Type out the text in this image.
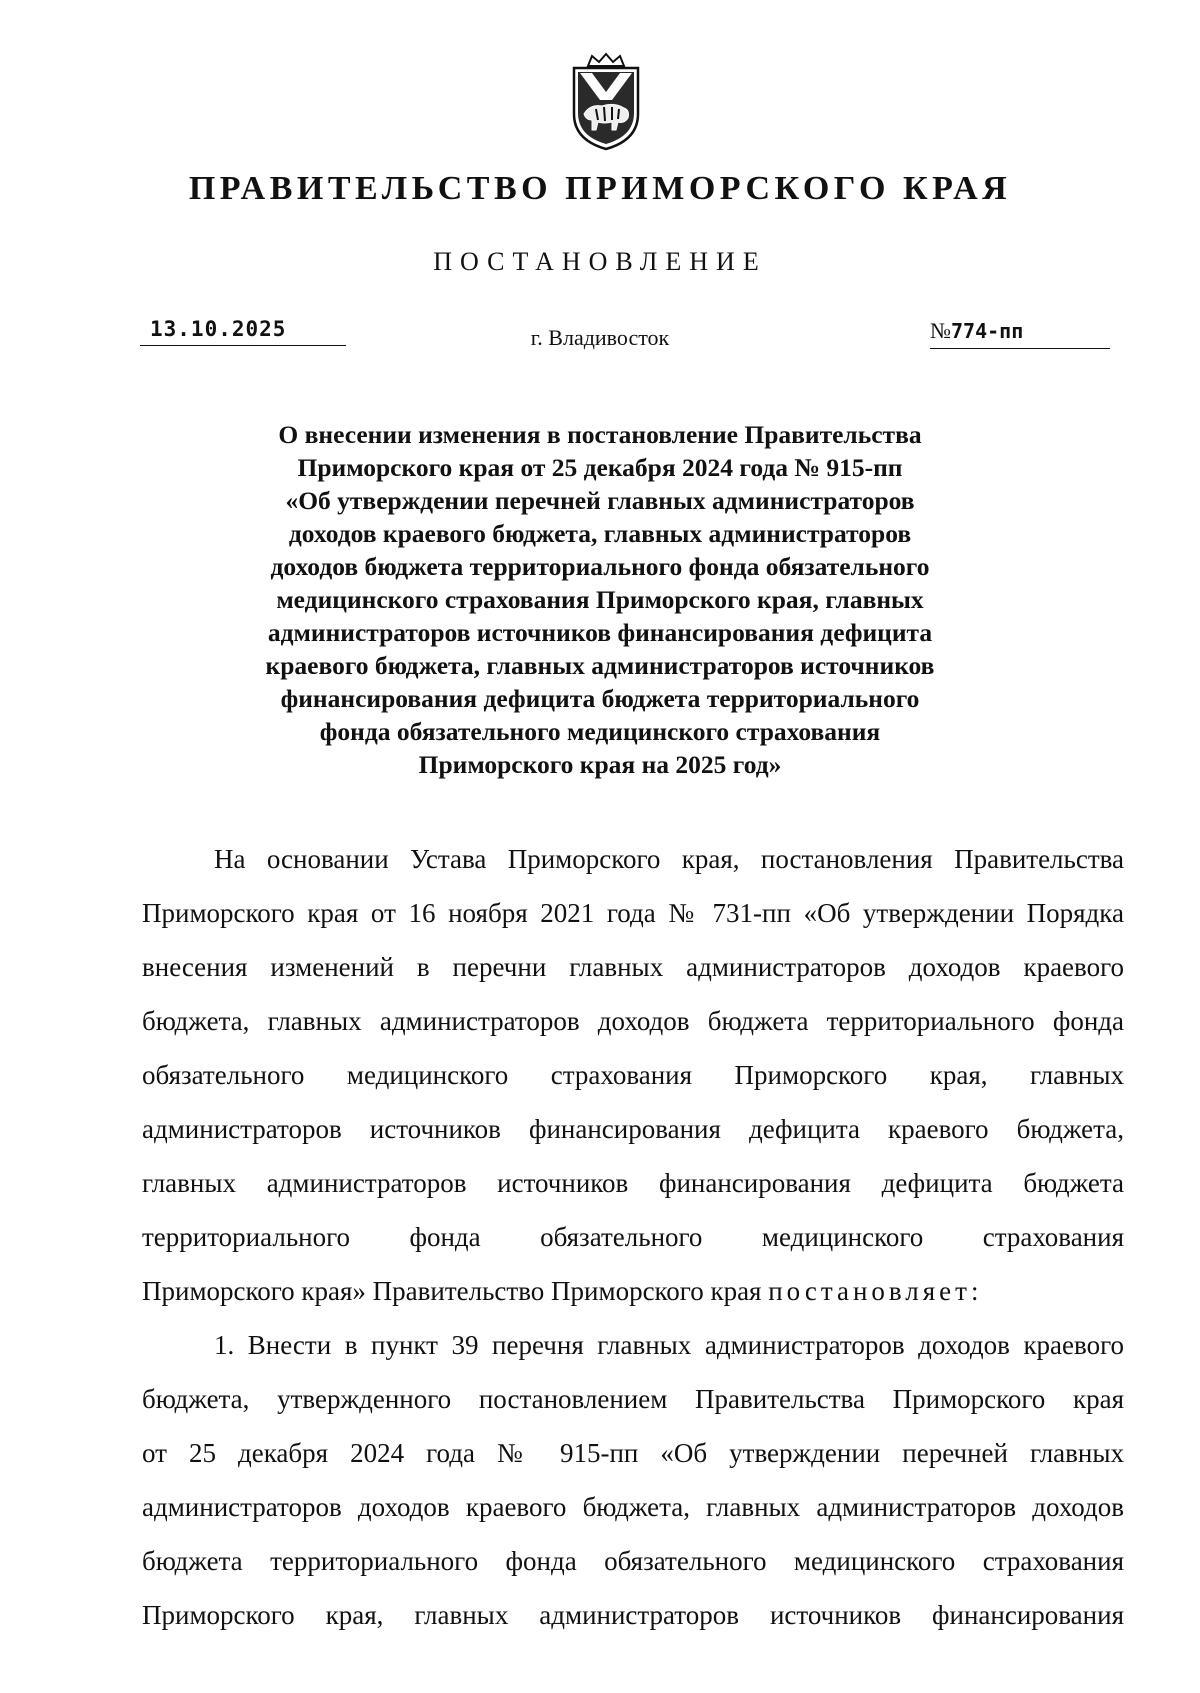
ПРАВИТЕЛЬСТВО ПРИМОРСКОГО КРАЯ
ПОСТАНОВЛЕНИЕ
13.10.2025	г. Владивосток	№774-пп
О внесении изменения в постановление Правительства
Приморского края от 25 декабря 2024 года № 915-пп
«Об утверждении перечней главных администраторов
доходов краевого бюджета, главных администраторов
доходов бюджета территориального фонда обязательного
медицинского страхования Приморского края, главных
администраторов источников финансирования дефицита
краевого бюджета, главных администраторов источников
финансирования дефицита бюджета территориального
фонда обязательного медицинского страхования
Приморского края на 2025 год»
На основании Устава Приморского края, постановления Правительства
Приморского края от 16 ноября 2021 года № 731-пп «Об утверждении Порядка
внесения изменений в перечни главных администраторов доходов краевого
бюджета, главных администраторов доходов бюджета территориального фонда
обязательного медицинского страхования Приморского края, главных
администраторов источников финансирования дефицита краевого бюджета,
главных администраторов источников финансирования дефицита бюджета
территориального фонда обязательного медицинского страхования
Приморского края» Правительство Приморского края постановляет:
1. Внести в пункт 39 перечня главных администраторов доходов краевого
бюджета, утвержденного постановлением Правительства Приморского края
от 25 декабря 2024 года № 915-пп «Об утверждении перечней главных
администраторов доходов краевого бюджета, главных администраторов доходов
бюджета территориального фонда обязательного медицинского страхования
Приморского края, главных администраторов источников финансирования
